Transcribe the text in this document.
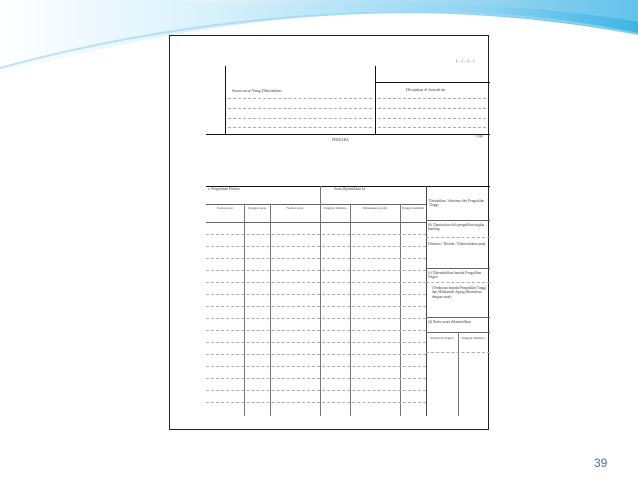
( ... ( ... ) ... )
Surat-surat Yang Dikirimkan	Ditujukan di bawah ini
(Tgl)
PERKARA
a. Pengiriman Perkara	Surat Dipindahkan ke
Nomor urut	Tanggal surat	Nomor surat	Tanggal diterima	Dilakukan ke (di)	Tanggal kembali
Diserahkan / diterima oleh Pengadilan Tinggi
(b) Diputuskan oleh pengadilan tingkat banding
Diterima / Ditolak / Diberitahukan pada
(c) Dikembalikan kepada Pengadilan Negeri
(Tembusan kepada Pengadilan Tinggi dan Mahkamah Agung dikirimkan dengan surat)
(d) Berita acara dikembalikan
Pemohon tingkat	Tanggal diterima
39
